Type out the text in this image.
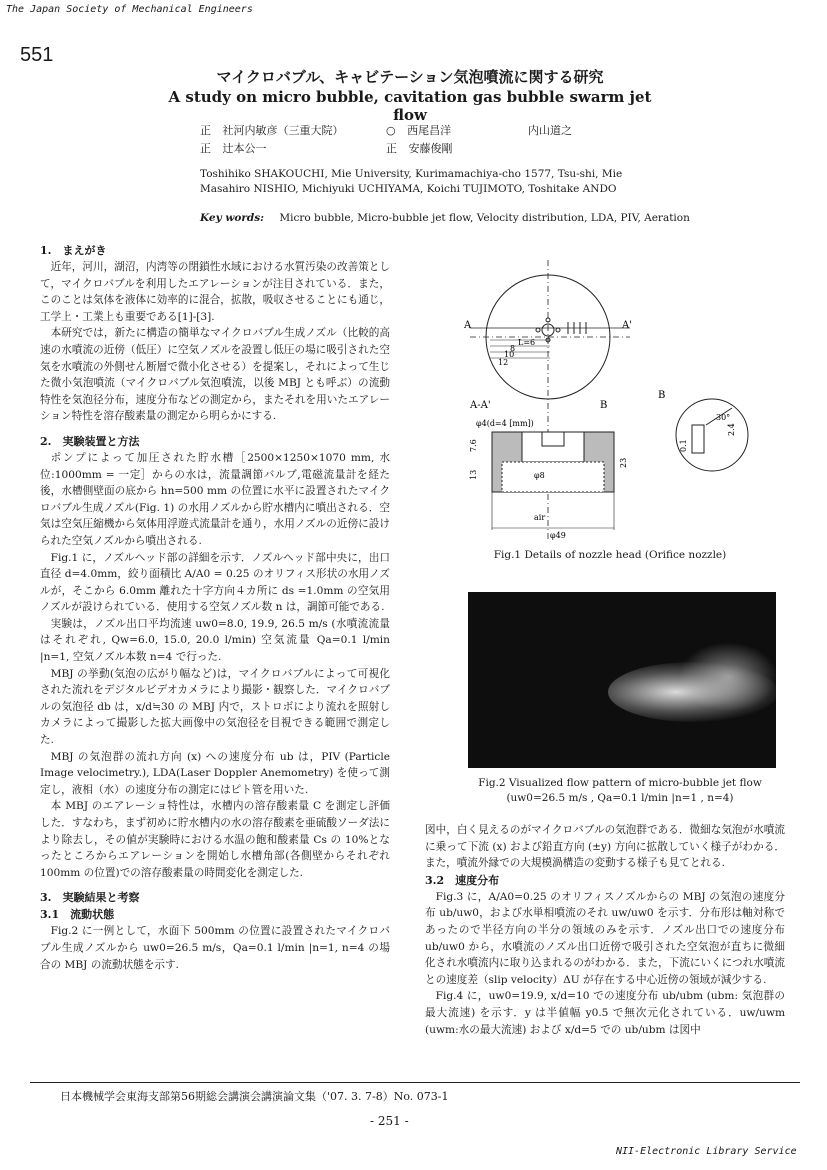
The Japan Society of Mechanical Engineers
551
マイクロバブル、キャビテーション気泡噴流に関する研究
A study on micro bubble, cavitation gas bubble swarm jet flow
正 社河内敏彦（三重大院）	○ 西尾昌洋	内山道之
正 辻本公一	正 安藤俊剛
Toshihiko SHAKOUCHI, Mie University, Kurimamachiya-cho 1577, Tsu-shi, Mie
Masahiro NISHIO, Michiyuki UCHIYAMA, Koichi TUJIMOTO, Toshitake ANDO
Key words: Micro bubble, Micro-bubble jet flow, Velocity distribution, LDA, PIV, Aeration
1.　まえがき

近年，河川，湖沼，内湾等の閉鎖性水域における水質汚染の改善策として，マイクロバブルを利用したエアレーションが注目されている．また，このことは気体を液体に効率的に混合，拡散，吸収させることにも通じ，工学上・工業上も重要である[1]-[3].

本研究では，新たに構造の簡単なマイクロバブル生成ノズル（比較的高速の水噴流の近傍（低圧）に空気ノズルを設置し低圧の場に吸引された空気を水噴流の外側せん断層で微小化させる）を提案し，それによって生じた微小気泡噴流（マイクロバブル気泡噴流，以後 MBJ とも呼ぶ）の流動特性を気泡径分布，速度分布などの測定から，またそれを用いたエアレーション特性を溶存酸素量の測定から明らかにする.

2.　実験装置と方法

ポンプによって加圧された貯水槽［2500×1250×1070 mm, 水位:1000mm = 一定］からの水は，流量調節バルブ,電磁流量計を経た後，水槽側壁面の底から hn=500 mm の位置に水平に設置されたマイクロバブル生成ノズル(Fig. 1) の水用ノズルから貯水槽内に噴出される．空気は空気圧縮機から気体用浮遊式流量計を通り，水用ノズルの近傍に設けられた空気ノズルから噴出される.

Fig.1 に，ノズルヘッド部の詳細を示す．ノズルヘッド部中央に，出口直径 d=4.0mm，絞り面積比 A/A0 = 0.25 のオリフィス形状の水用ノズルが，そこから 6.0mm 離れた十字方向４カ所に ds =1.0mm の空気用ノズルが設けられている．使用する空気ノズル数 n は，調節可能である.

実験は，ノズル出口平均流速 uw0=8.0, 19.9, 26.5 m/s (水噴流流量はそれぞれ, Qw=6.0, 15.0, 20.0 l/min) 空気流量 Qa=0.1 l/min |n=1, 空気ノズル本数 n=4 で行った.

MBJ の挙動(気泡の広がり幅など)は，マイクロバブルによって可視化された流れをデジタルビデオカメラにより撮影・観察した．マイクロバブルの気泡径 db は，x/d≒30 の MBJ 内で，ストロボにより流れを照射しカメラによって撮影した拡大画像中の気泡径を目視できる範囲で測定した.

MBJ の気泡群の流れ方向 (x) への速度分布 ub は，PIV (Particle Image velocimetry.), LDA(Laser Doppler Anemometry) を使って測定し，液相（水）の速度分布の測定にはピト管を用いた.

本 MBJ のエアレーショ特性は，水槽内の溶存酸素量 C を測定し評価した．すなわち，まず初めに貯水槽内の水の溶存酸素を亜硫酸ソーダ法により除去し，その値が実験時における水温の飽和酸素量 Cs の 10%となったところからエアレーションを開始し水槽角部(各側壁からそれぞれ 100mm の位置)での溶存酸素量の時間変化を測定した.

3.　実験結果と考察
3.1　流動状態

Fig.2 に一例として，水面下 500mm の位置に設置されたマイクロバブル生成ノズルから uw0=26.5 m/s，Qa=0.1 l/min |n=1, n=4 の場合の MBJ の流動状態を示す.

A	A'
L=6
8
10
12
A-A'	B
φ4(d=4 [mm])
φ8
air
φ49
7.6
13
23
B
30°
2.4
0.1
Fig.1 Details of nozzle head (Orifice nozzle)
Fig.2 Visualized flow pattern of micro-bubble jet flow
(uw0=26.5 m/s , Qa=0.1 l/min |n=1 , n=4)

図中，白く見えるのがマイクロバブルの気泡群である．微細な気泡が水噴流に乗って下流 (x) および鉛直方向 (±y) 方向に拡散していく様子がわかる．また，噴流外縁での大規模渦構造の変動する様子も見てとれる.

3.2　速度分布

Fig.3 に，A/A0=0.25 のオリフィスノズルからの MBJ の気泡の速度分布 ub/uw0，および水単相噴流のそれ uw/uw0 を示す．分布形は軸対称であったので半径方向の半分の領域のみを示す．ノズル出口での速度分布 ub/uw0 から，水噴流のノズル出口近傍で吸引された空気泡が直ちに微細化され水噴流内に取り込まれるのがわかる．また，下流にいくにつれ水噴流との速度差（slip velocity）ΔU が存在する中心近傍の領域が減少する.

Fig.4 に，uw0=19.9, x/d=10 での速度分布 ub/ubm (ubm: 気泡群の最大流速) を示す．y は半値幅 y0.5 で無次元化されている．uw/uwm (uwm:水の最大流速) および x/d=5 での ub/ubm は図中

日本機械学会東海支部第56期総会講演会講演論文集（'07. 3. 7-8）No. 073-1
- 251 -
NII-Electronic Library Service
